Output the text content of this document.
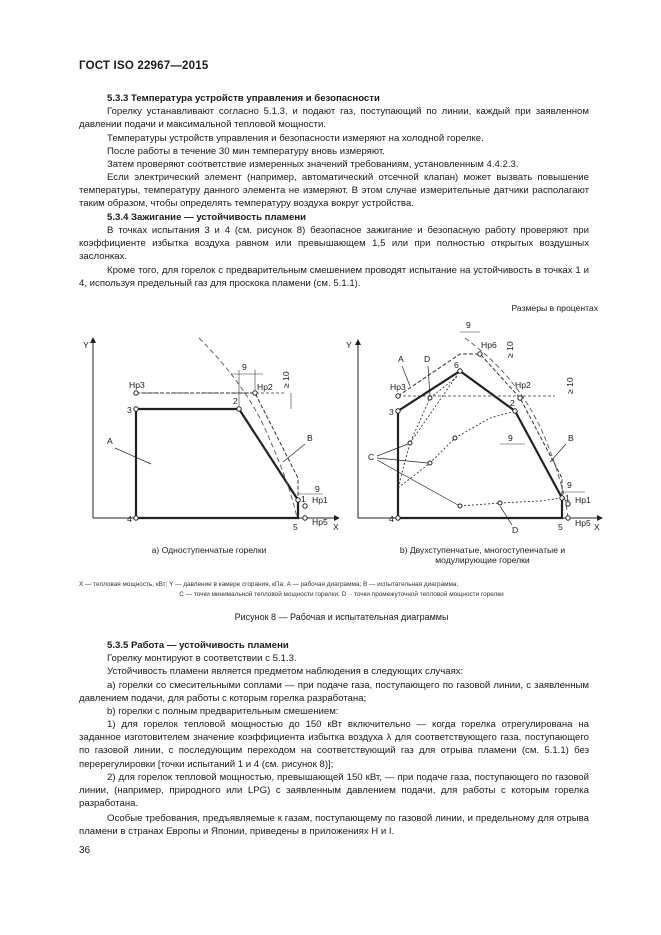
ГОСТ ISO 22967—2015
5.3.3 Температура устройств управления и безопасности
Горелку устанавливают согласно 5.1.3, и подают газ, поступающий по линии, каждый при заявленном давлении подачи и максимальной тепловой мощности.
Температуры устройств управления и безопасности измеряют на холодной горелке.
После работы в течение 30 мин температуру вновь измеряют.
Затем проверяют соответствие измеренных значений требованиям, установленным 4.4.2.3.
Если электрический элемент (например, автоматический отсечной клапан) может вызвать повышение температуры, температуру данного элемента не измеряют. В этом случае измерительные датчики располагают таким образом, чтобы определять температуру воздуха вокруг устройства.
5.3.4 Зажигание — устойчивость пламени
В точках испытания 3 и 4 (см. рисунок 8) безопасное зажигание и безопасную работу проверяют при коэффициенте избытка воздуха равном или превышающем 1,5 или при полностью открытых воздушных заслонках.
Кроме того, для горелок с предварительным смешением проводят испытание на устойчивость в точках 1 и 4, используя предельный газ для проскока пламени (см. 5.1.1).
Размеры в процентах
X
Y
3
4
2
1
5
Hp3	Hp2
Hp1
Hp5
A	B
9
≥ 10
9
а) Одноступенчатые горелки
X
Y
3
4
6
2
1
5
Hp3
Hp6
Hp2
Hp1
Hp5
A D
C
D
B
9
≥ 10
≥ 10
9
9
b) Двухступенчатые, многоступенчатые и
модулирующие горелки
X — тепловая мощность, кВт; Y — давление в камере сгорания, кПа; A — рабочая диаграмма; B — испытательная диаграмма;
C — точки минимальной тепловой мощности горелки; D ·· точки промежуточной тепловой мощности горелки
Рисунок 8 — Рабочая и испытательная диаграммы
5.3.5 Работа — устойчивость пламени
Горелку монтируют в соответствии с 5.1.3.
Устойчивость пламени является предметом наблюдения в следующих случаях:
а) горелки со смесительными соплами — при подаче газа, поступающего по газовой линии, с заявленным давлением подачи, для работы с которым горелка разработана;
b) горелки с полным предварительным смешением:
1) для горелок тепловой мощностью до 150 кВт включительно — когда горелка отрегулирована на заданное изготовителем значение коэффициента избытка воздуха λ для соответствующего газа, поступающего по газовой линии, с последующим переходом на соответствующий газ для отрыва пламени (см. 5.1.1) без перерегулировки [точки испытаний 1 и 4 (см. рисунок 8)];
2) для горелок тепловой мощностью, превышающей 150 кВт, — при подаче газа, поступающего по газовой линии, (например, природного или LPG) с заявленным давлением подачи, для работы с которым горелка разработана.
Особые требования, предъявляемые к газам, поступающему по газовой линии, и предельному для отрыва пламени в странах Европы и Японии, приведены в приложениях H и I.
36
